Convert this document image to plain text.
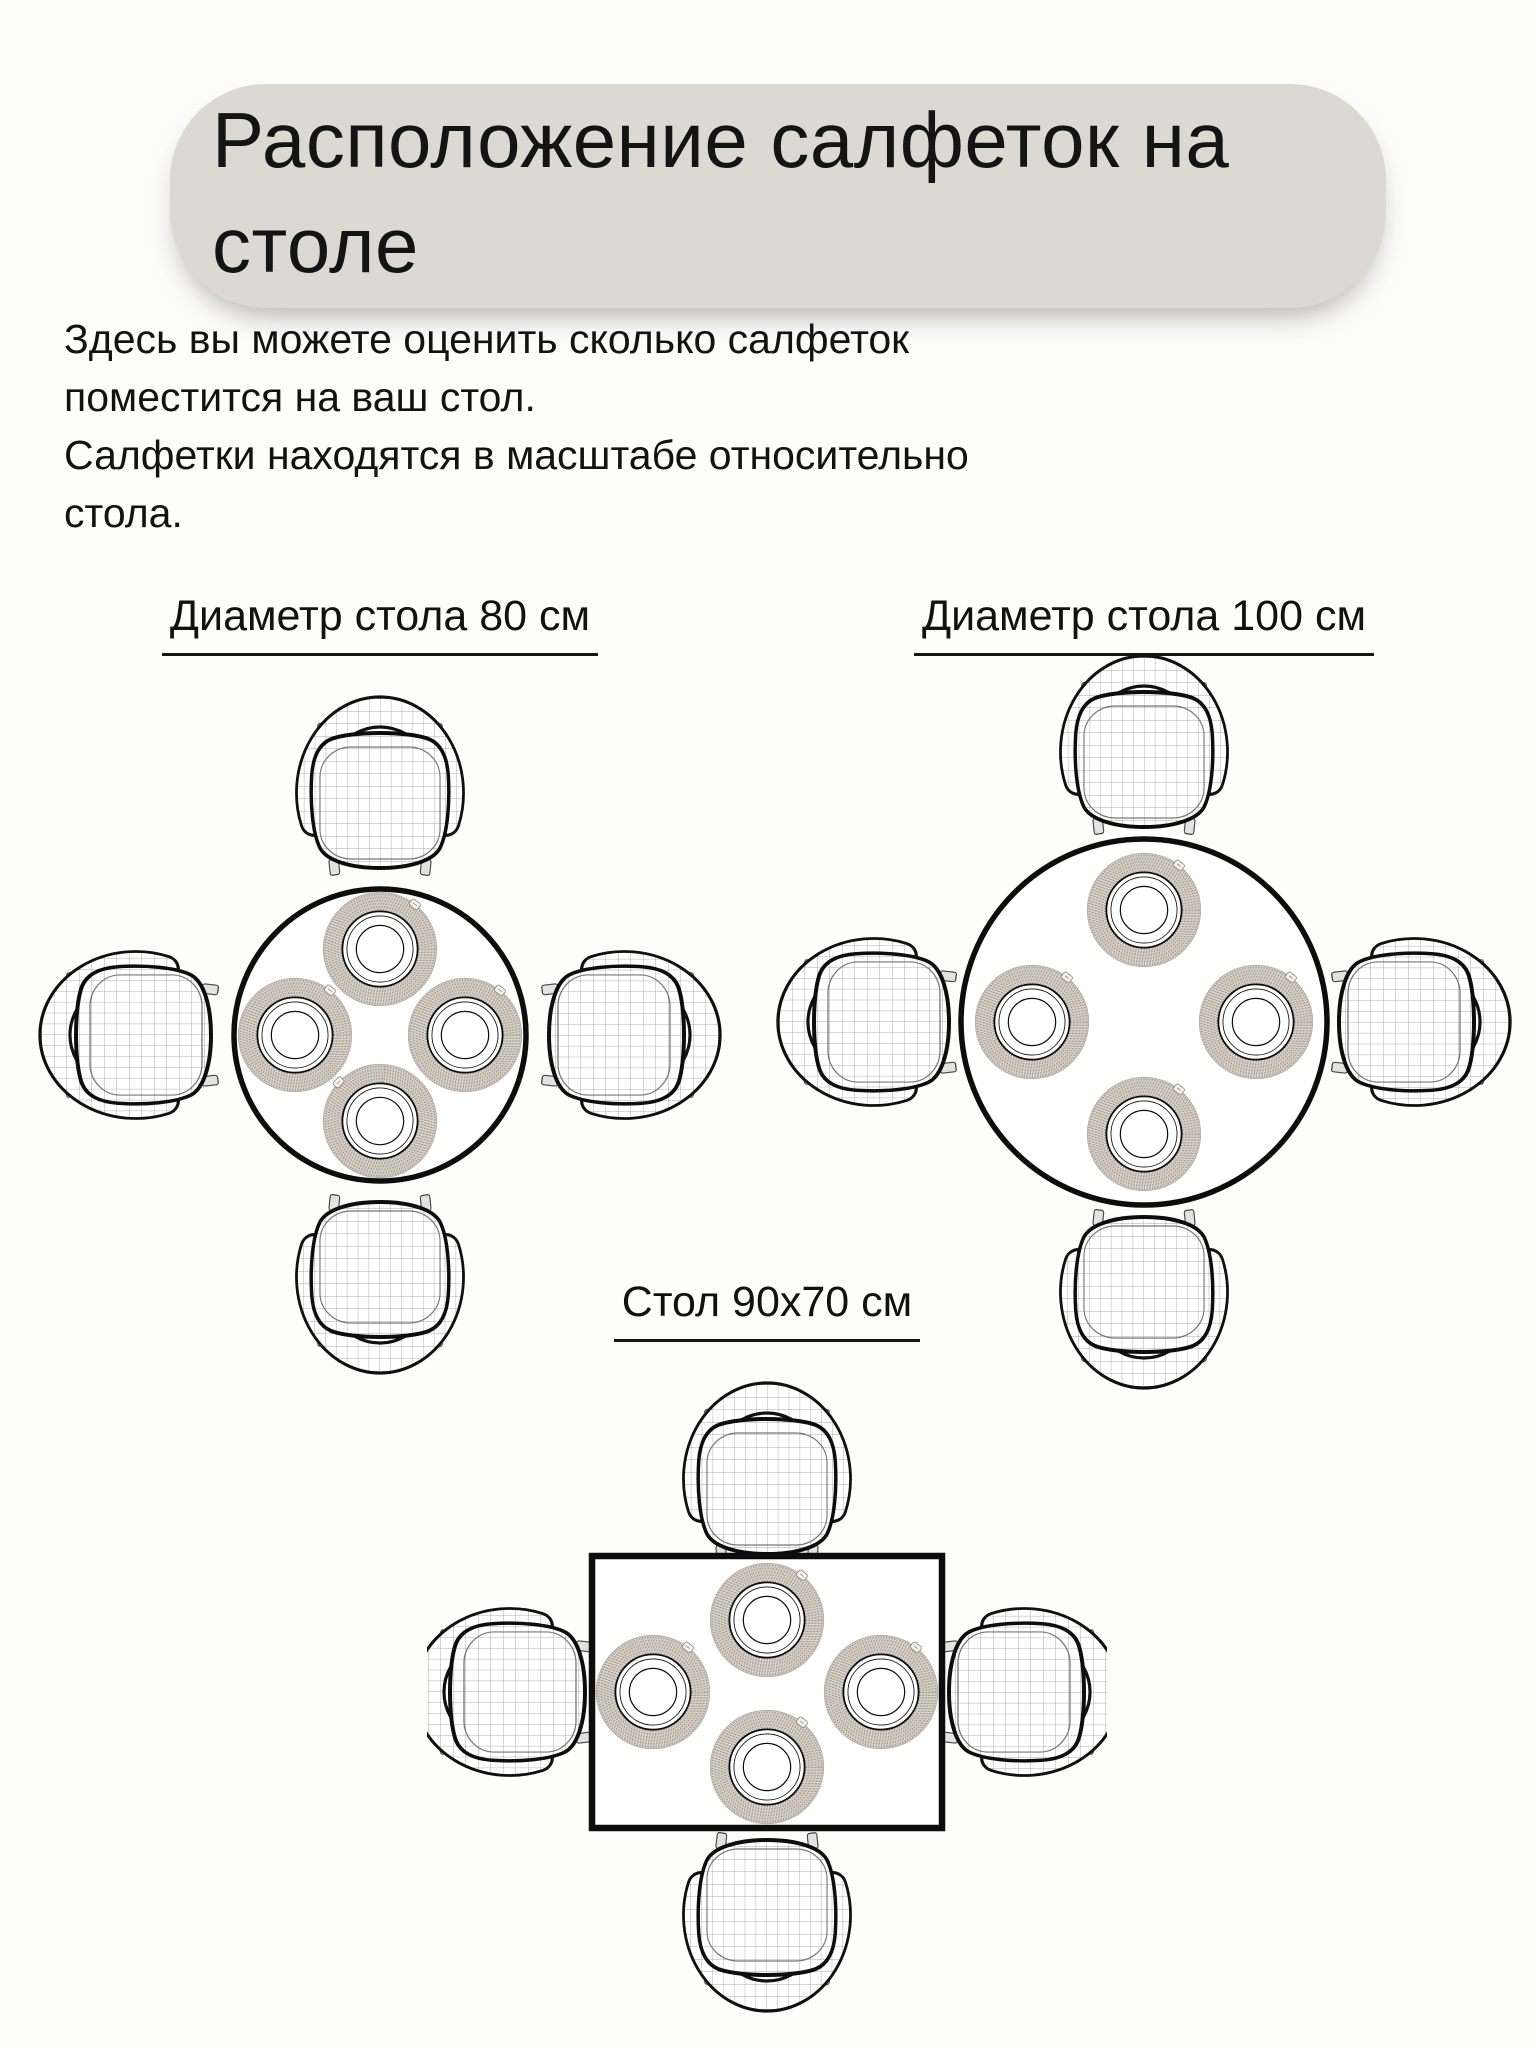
Расположение салфеток на
столе
Здесь вы можете оценить сколько салфеток поместится на ваш стол.
Салфетки находятся в масштабе относительно стола.
Диаметр стола 80 см	Диаметр стола 100 см
Стол 90х70 см
